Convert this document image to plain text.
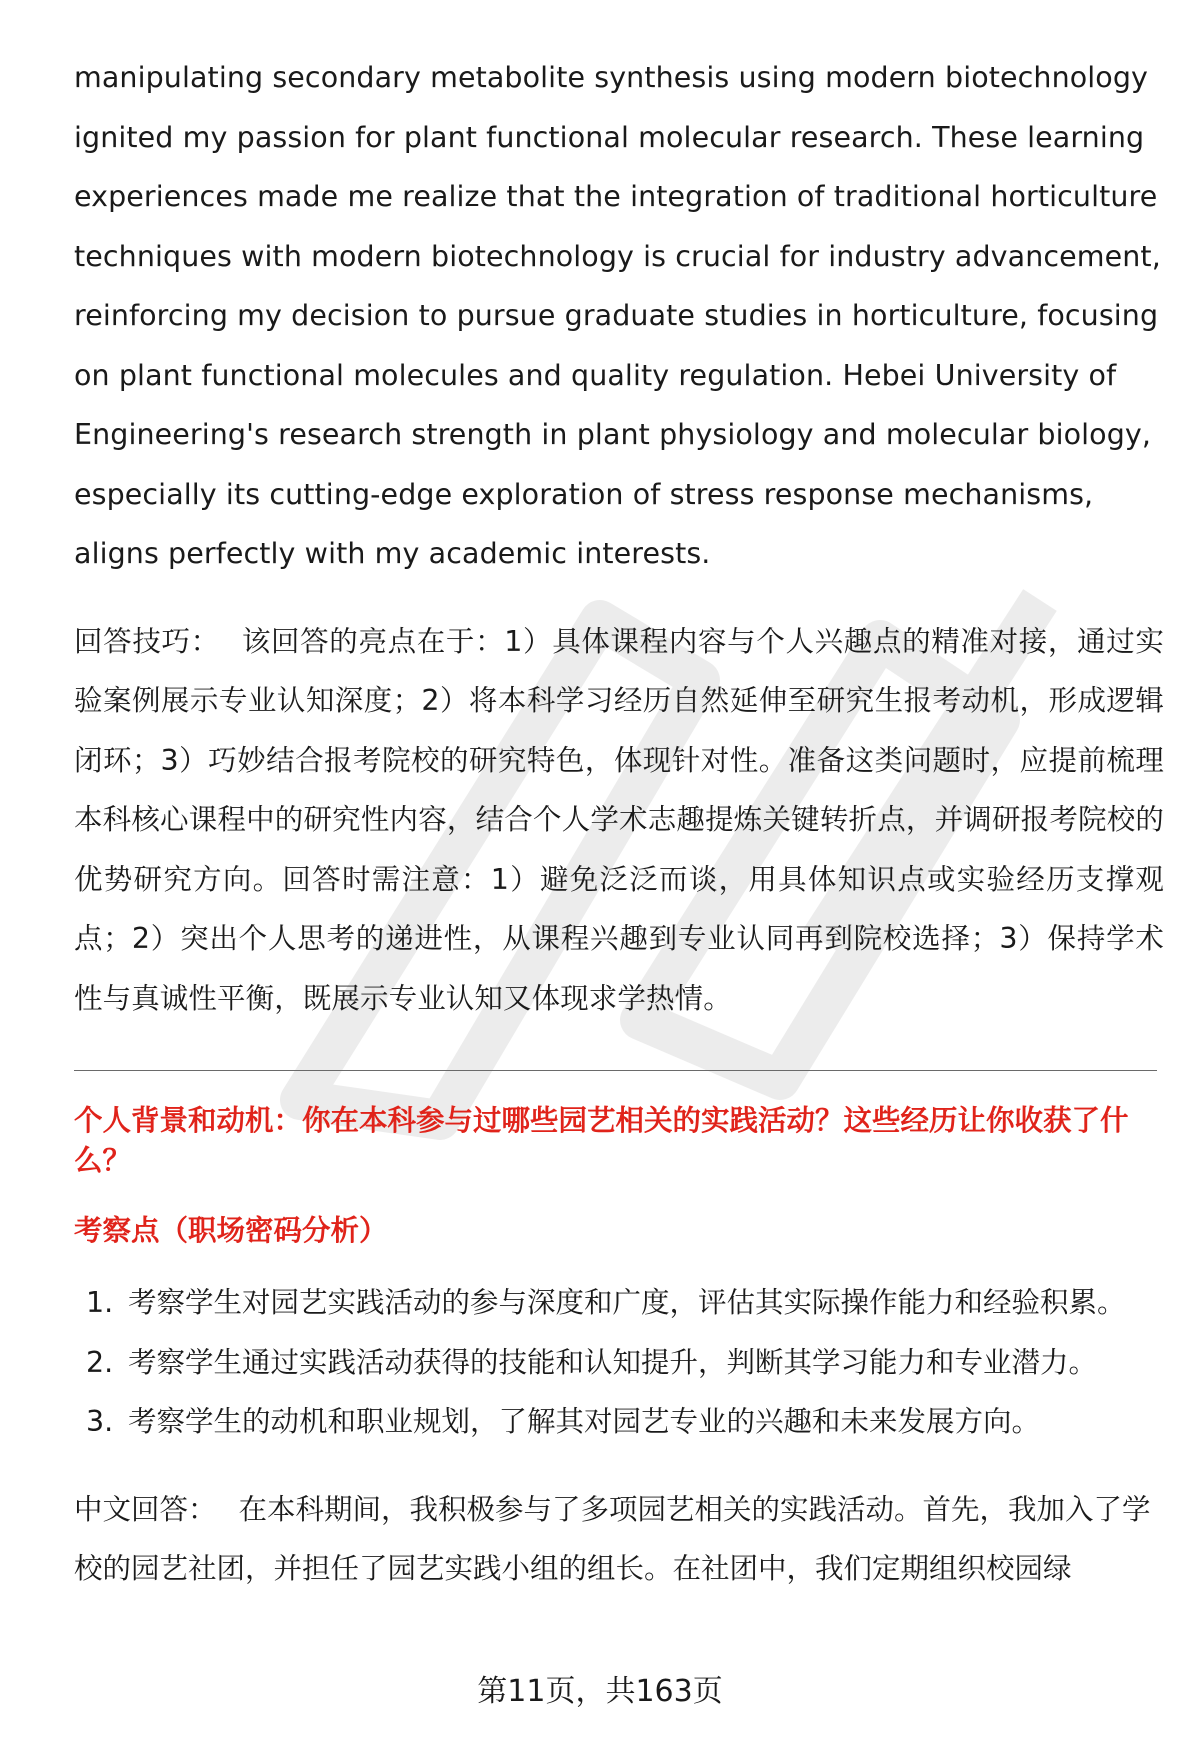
manipulating secondary metabolite synthesis using modern biotechnology ignited my passion for plant functional molecular research. These learning experiences made me realize that the integration of traditional horticulture techniques with modern biotechnology is crucial for industry advancement, reinforcing my decision to pursue graduate studies in horticulture, focusing on plant functional molecules and quality regulation. Hebei University of Engineering's research strength in plant physiology and molecular biology, especially its cutting-edge exploration of stress response mechanisms, aligns perfectly with my academic interests.

回答技巧： 该回答的亮点在于：1）具体课程内容与个人兴趣点的精准对接，通过实验案例展示专业认知深度；2）将本科学习经历自然延伸至研究生报考动机，形成逻辑闭环；3）巧妙结合报考院校的研究特色，体现针对性。准备这类问题时，应提前梳理本科核心课程中的研究性内容，结合个人学术志趣提炼关键转折点，并调研报考院校的优势研究方向。回答时需注意：1）避免泛泛而谈，用具体知识点或实验经历支撑观点；2）突出个人思考的递进性，从课程兴趣到专业认同再到院校选择；3）保持学术性与真诚性平衡，既展示专业认知又体现求学热情。

个人背景和动机：你在本科参与过哪些园艺相关的实践活动？这些经历让你收获了什么？
考察点（职场密码分析）
1. 考察学生对园艺实践活动的参与深度和广度，评估其实际操作能力和经验积累。
2. 考察学生通过实践活动获得的技能和认知提升，判断其学习能力和专业潜力。
3. 考察学生的动机和职业规划，了解其对园艺专业的兴趣和未来发展方向。

中文回答： 在本科期间，我积极参与了多项园艺相关的实践活动。首先，我加入了学校的园艺社团，并担任了园艺实践小组的组长。在社团中，我们定期组织校园绿

第11页，共163页
